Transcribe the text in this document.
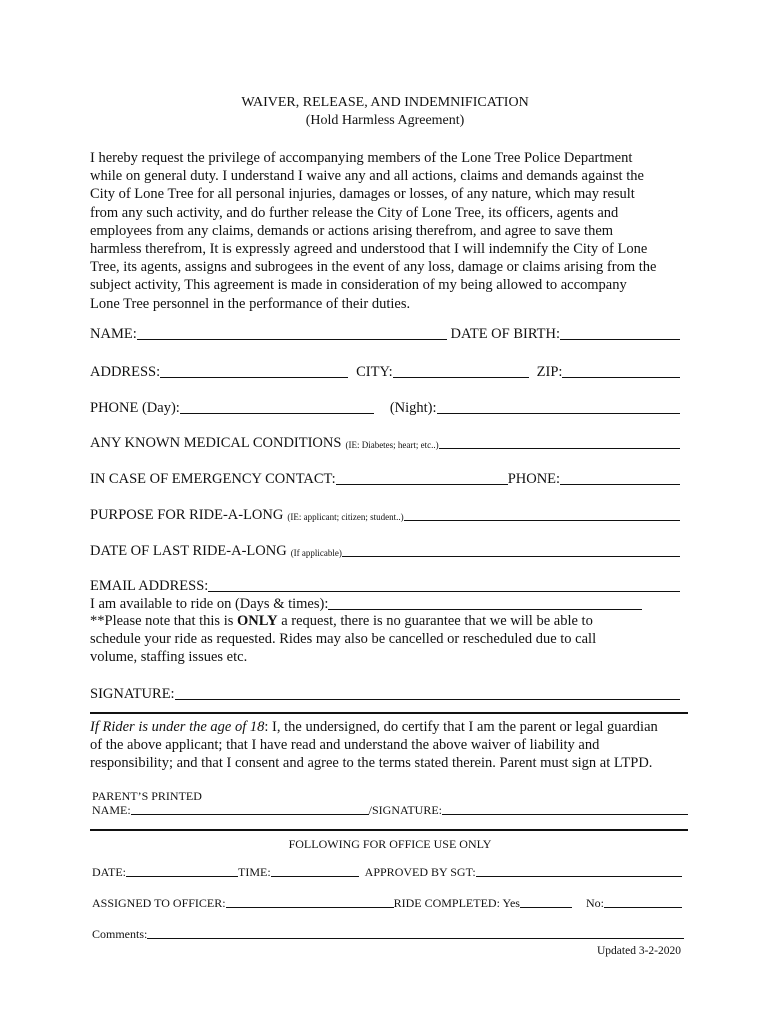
WAIVER, RELEASE, AND INDEMNIFICATION
(Hold Harmless Agreement)
I hereby request the privilege of accompanying members of the Lone Tree Police Department
while on general duty. I understand I waive any and all actions, claims and demands against the
City of Lone Tree for all personal injuries, damages or losses, of any nature, which may result
from any such activity, and do further release the City of Lone Tree, its officers, agents and
employees from any claims, demands or actions arising therefrom, and agree to save them
harmless therefrom, It is expressly agreed and understood that I will indemnify the City of Lone
Tree, its agents, assigns and subrogees in the event of any loss, damage or claims arising from the
subject activity, This agreement is made in consideration of my being allowed to accompany
Lone Tree personnel in the performance of their duties.
NAME:	DATE OF BIRTH:
ADDRESS:	CITY:	ZIP:
PHONE (Day):	(Night):
ANY KNOWN MEDICAL CONDITIONS (IE: Diabetes; heart; etc..)
IN CASE OF EMERGENCY CONTACT:	PHONE:
PURPOSE FOR RIDE-A-LONG (IE: applicant; citizen; student..)
DATE OF LAST RIDE-A-LONG (If applicable)
EMAIL ADDRESS:
I am available to ride on (Days & times):
**Please note that this is ONLY a request, there is no guarantee that we will be able to
schedule your ride as requested. Rides may also be cancelled or rescheduled due to call
volume, staffing issues etc.
SIGNATURE:
If Rider is under the age of 18: I, the undersigned, do certify that I am the parent or legal guardian
of the above applicant; that I have read and understand the above waiver of liability and
responsibility; and that I consent and agree to the terms stated therein. Parent must sign at LTPD.
PARENT’S PRINTED
NAME:	/SIGNATURE:
FOLLOWING FOR OFFICE USE ONLY
DATE:	TIME:	APPROVED BY SGT:
ASSIGNED TO OFFICER:	RIDE COMPLETED: Yes	No:
Comments:
Updated 3-2-2020
